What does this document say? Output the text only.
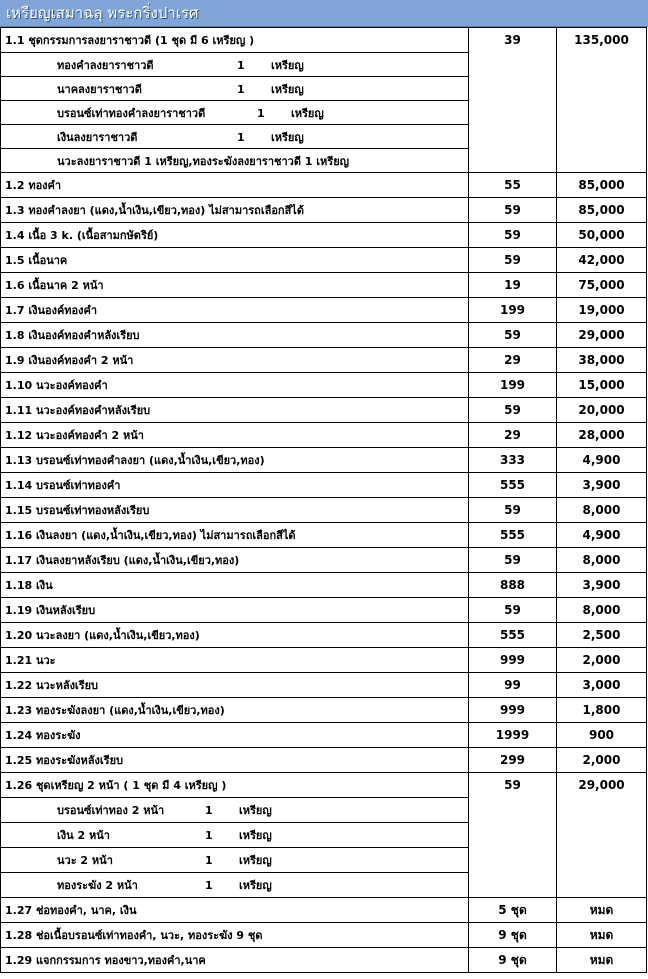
เหรียญเสมาฉลุ พระกริ่งปาเรศ
1.1 ชุดกรรมการลงยาราชาวดี (1 ชุด มี 6 เหรียญ )	39	135,000
ทองคำลงยาราชาวดี 1 เหรียญ		
นาคลงยาราชาวดี 1 เหรียญ		
บรอนซ์เท่าทองคำลงยาราชาวดี 1 เหรียญ		
เงินลงยาราชาวดี 1 เหรียญ		
นวะลงยาราชาวดี 1 เหรียญ,ทองระฆังลงยาราชาวดี 1 เหรียญ		
1.2 ทองคำ	55	85,000
1.3 ทองคำลงยา (แดง,น้ำเงิน,เขียว,ทอง) ไม่สามารถเลือกสีได้	59	85,000
1.4 เนื้อ 3 k. (เนื้อสามกษัตริย์)	59	50,000
1.5 เนื้อนาค	59	42,000
1.6 เนื้อนาค 2 หน้า	19	75,000
1.7 เงินองค์ทองคำ	199	19,000
1.8 เงินองค์ทองคำหลังเรียบ	59	29,000
1.9 เงินองค์ทองคำ 2 หน้า	29	38,000
1.10 นวะองค์ทองคำ	199	15,000
1.11 นวะองค์ทองคำหลังเรียบ	59	20,000
1.12 นวะองค์ทองคำ 2 หน้า	29	28,000
1.13 บรอนซ์เท่าทองคำลงยา (แดง,น้ำเงิน,เขียว,ทอง)	333	4,900
1.14 บรอนซ์เท่าทองคำ	555	3,900
1.15 บรอนซ์เท่าทองหลังเรียบ	59	8,000
1.16 เงินลงยา (แดง,น้ำเงิน,เขียว,ทอง) ไม่สามารถเลือกสีได้	555	4,900
1.17 เงินลงยาหลังเรียบ (แดง,น้ำเงิน,เขียว,ทอง)	59	8,000
1.18 เงิน	888	3,900
1.19 เงินหลังเรียบ	59	8,000
1.20 นวะลงยา (แดง,น้ำเงิน,เขียว,ทอง)	555	2,500
1.21 นวะ	999	2,000
1.22 นวะหลังเรียบ	99	3,000
1.23 ทองระฆังลงยา (แดง,น้ำเงิน,เขียว,ทอง)	999	1,800
1.24 ทองระฆัง	1999	900
1.25 ทองระฆังหลังเรียบ	299	2,000
1.26 ชุดเหรียญ 2 หน้า ( 1 ชุด มี 4 เหรียญ )	59	29,000
บรอนซ์เท่าทอง 2 หน้า 1 เหรียญ		
เงิน 2 หน้า 1 เหรียญ		
นวะ 2 หน้า 1 เหรียญ		
ทองระฆัง 2 หน้า 1 เหรียญ		
1.27 ช่อทองคำ, นาค, เงิน	5 ชุด	หมด
1.28 ช่อเนื้อบรอนซ์เท่าทองคำ, นวะ, ทองระฆัง 9 ชุด	9 ชุด	หมด
1.29 แจกกรรมการ ทองขาว,ทองคำ,นาค	9 ชุด	หมด
